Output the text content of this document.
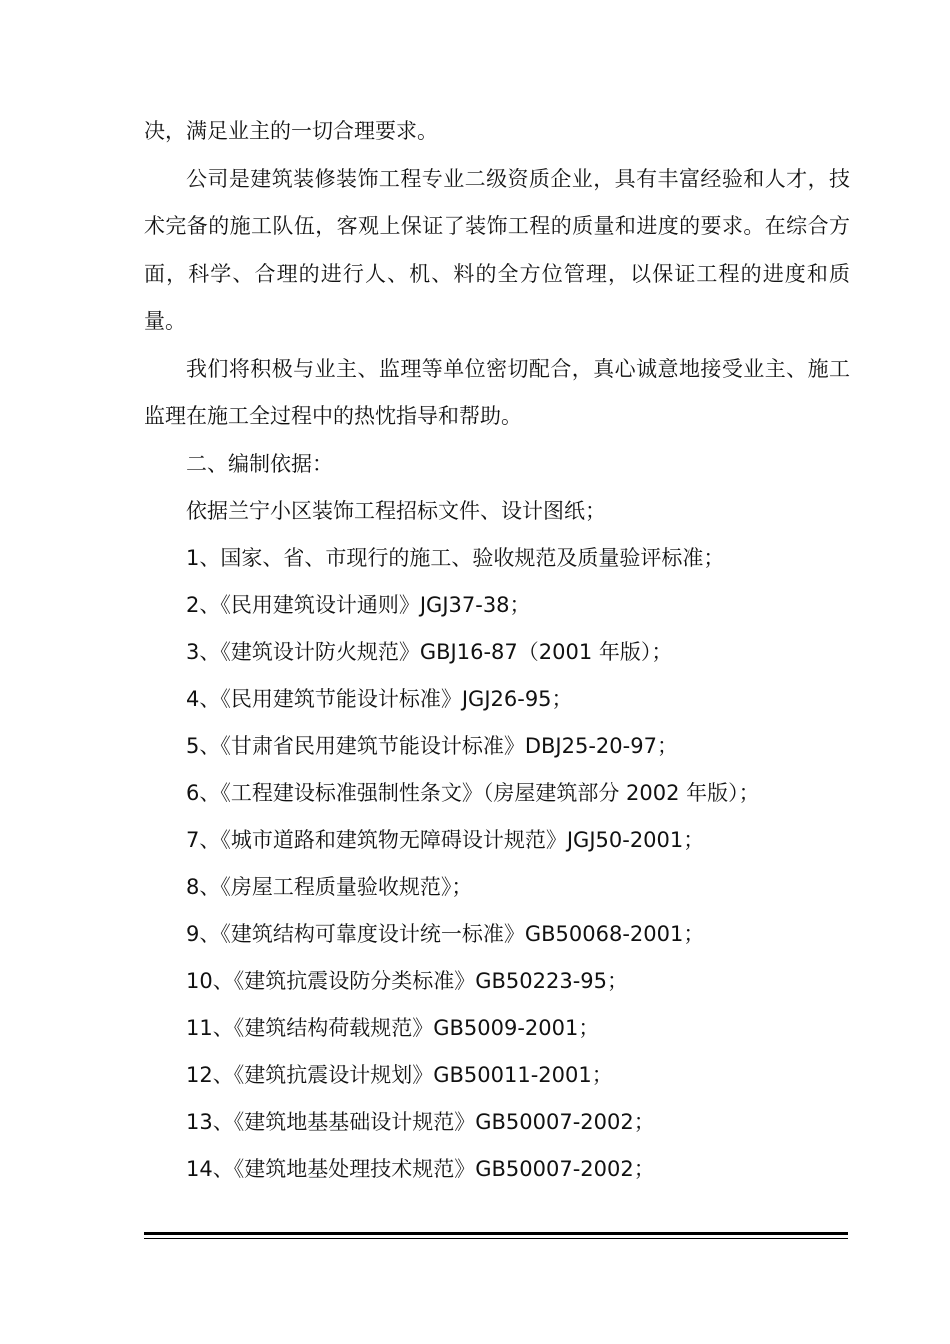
决，满足业主的一切合理要求。

公司是建筑装修装饰工程专业二级资质企业，具有丰富经验和人才，技术完备的施工队伍，客观上保证了装饰工程的质量和进度的要求。在综合方面，科学、合理的进行人、机、料的全方位管理，以保证工程的进度和质量。

我们将积极与业主、监理等单位密切配合，真心诚意地接受业主、施工监理在施工全过程中的热忱指导和帮助。

二、编制依据：

依据兰宁小区装饰工程招标文件、设计图纸；

1、国家、省、市现行的施工、验收规范及质量验评标准；

2、《民用建筑设计通则》JGJ37-38；

3、《建筑设计防火规范》GBJ16-87（2001 年版）；

4、《民用建筑节能设计标准》JGJ26-95；

5、《甘肃省民用建筑节能设计标准》DBJ25-20-97；

6、《工程建设标准强制性条文》（房屋建筑部分 2002 年版）；

7、《城市道路和建筑物无障碍设计规范》JGJ50-2001；

8、《房屋工程质量验收规范》；

9、《建筑结构可靠度设计统一标准》GB50068-2001；

10、《建筑抗震设防分类标准》GB50223-95；

11、《建筑结构荷载规范》GB5009-2001；

12、《建筑抗震设计规划》GB50011-2001；

13、《建筑地基基础设计规范》GB50007-2002；

14、《建筑地基处理技术规范》GB50007-2002；
